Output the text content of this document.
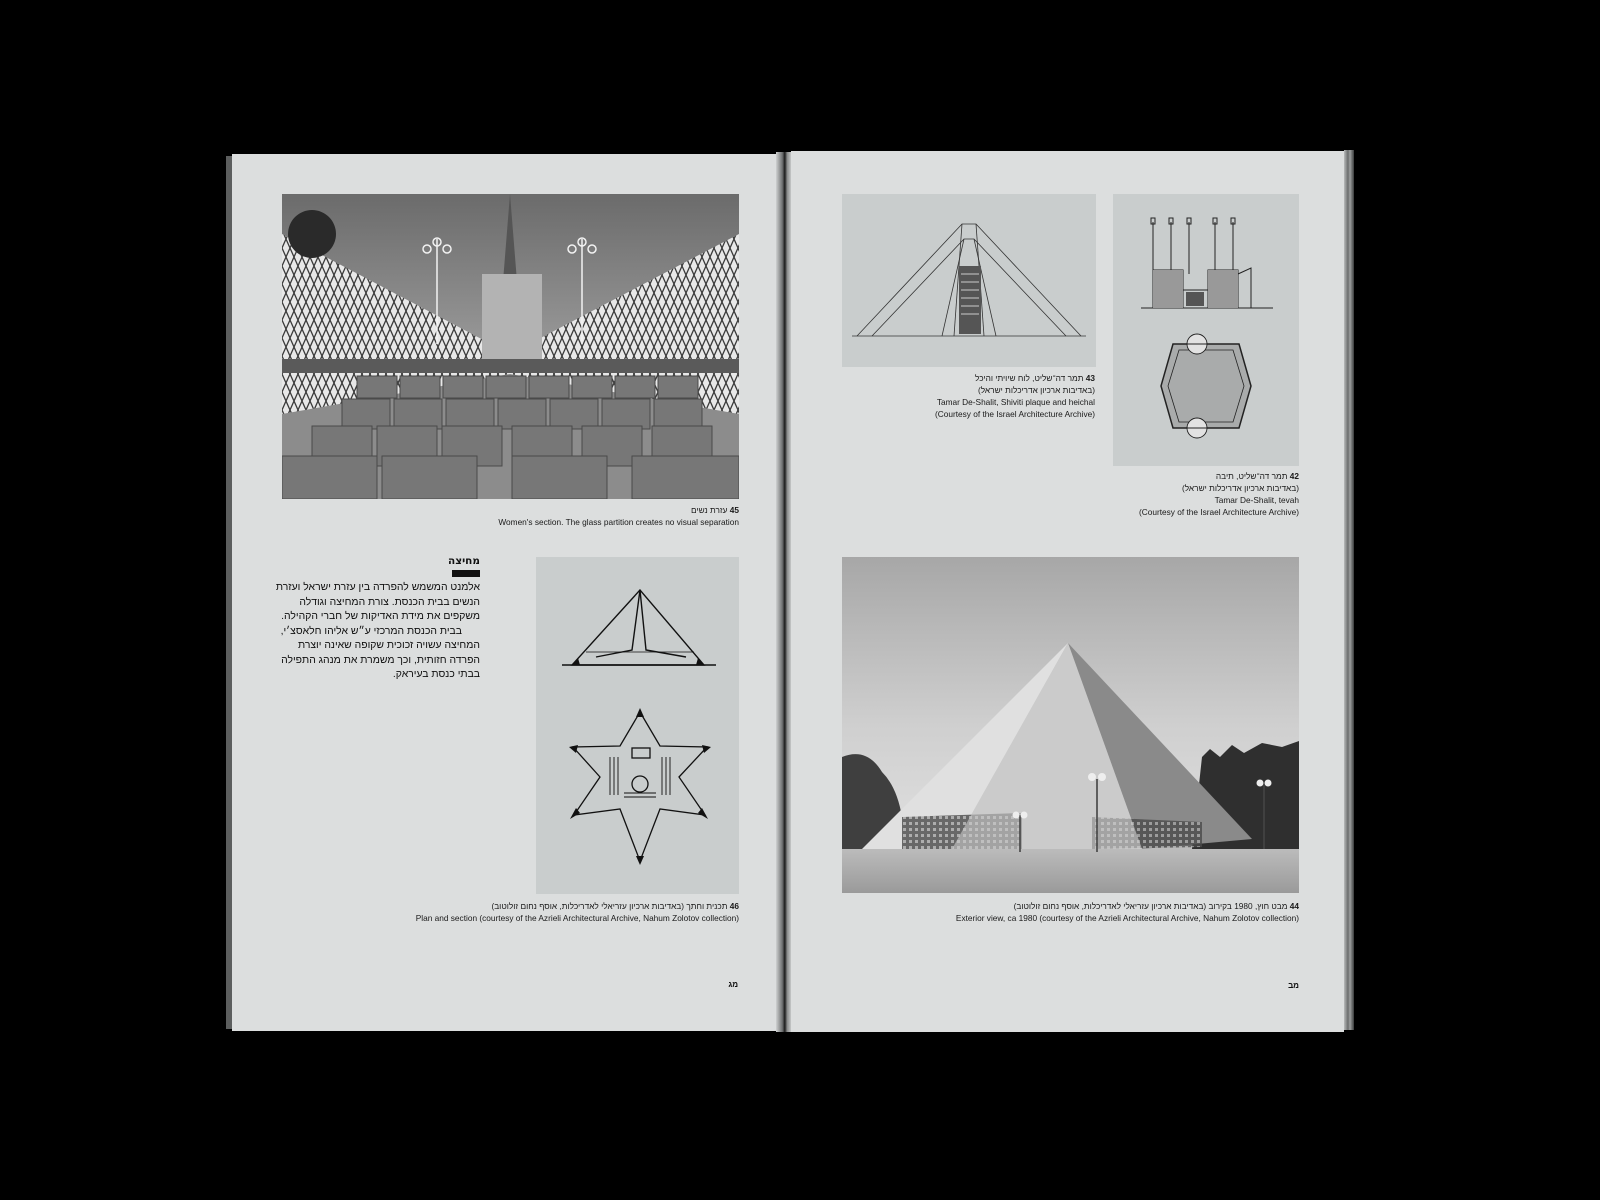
45 עזרת נשים
Women's section. The glass partition creates no visual separation
מחיצה
אלמנט המשמש להפרדה בין עזרת ישראל ועזרת
הנשים בבית הכנסת. צורת המחיצה וגודלה
משקפים את מידת האדיקות של חברי הקהילה.
בבית הכנסת המרכזי ע״ש אליהו חלאסצ׳י,
המחיצה עשויה זכוכית שקופה שאינה יוצרת
הפרדה חזותית, וכך משמרת את מנהג התפילה
בבתי כנסת בעיראק.
46 תכנית וחתך (באדיבות ארכיון עזריאלי לאדריכלות, אוסף נחום זולוטוב)
Plan and section (courtesy of the Azrieli Architectural Archive, Nahum Zolotov collection)
מג
43 תמר דה־שליט, לוח שיויתי והיכל
(באדיבות ארכיון אדריכלות ישראל)
Tamar De-Shalit, Shiviti plaque and heichal
(Courtesy of the Israel Architecture Archive)
42 תמר דה־שליט, תיבה
(באדיבות ארכיון אדריכלות ישראל)
Tamar De-Shalit, tevah
(Courtesy of the Israel Architecture Archive)
44 מבט חוץ, 1980 בקירוב (באדיבות ארכיון עזריאלי לאדריכלות, אוסף נחום זולוטוב)
Exterior view, ca 1980 (courtesy of the Azrieli Architectural Archive, Nahum Zolotov collection)
מב
